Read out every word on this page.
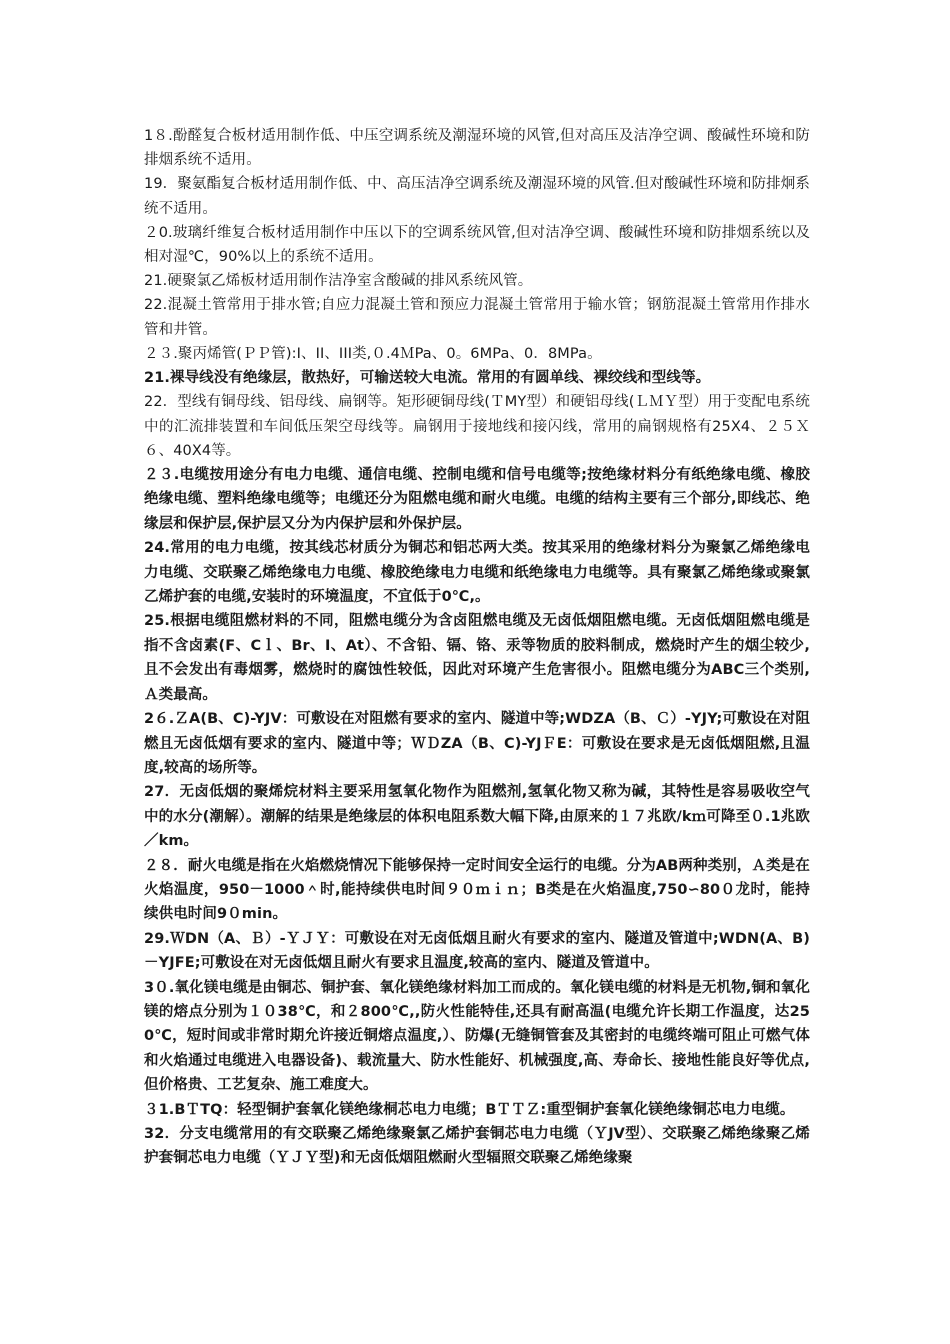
1８.酚醛复合板材适用制作低、中压空调系统及潮湿环境的风管,但对高压及洁净空调、酸碱性环境和防排烟系统不适用。

19．聚氨酯复合板材适用制作低、中、高压洁净空调系统及潮湿环境的风管.但对酸碱性环境和防排炯系统不适用。

２0.玻璃纤维复合板材适用制作中压以下的空调系统风管,但对洁净空调、酸碱性环境和防排烟系统以及相对湿℃，90%以上的系统不适用。

21.硬聚氯乙烯板材适用制作洁净室含酸碱的排风系统风管。

22.混凝土管常用于排水管;自应力混凝土管和预应力混凝土管常用于输水管；钢筋混凝土管常用作排水管和井管。

２３.聚丙烯管(ＰＰ管):I、II、III类,０.4ＭPa、0。6MPa、0．8MPa。

21.裸导线没有绝缘层，散热好，可输送较大电流。常用的有圆单线、裸绞线和型线等。

22．型线有铜母线、铝母线、扁钢等。矩形硬铜母线(ＴMY型）和硬铝母线(ＬＭＹ型）用于变配电系统中的汇流排装置和车间低压架空母线等。扁钢用于接地线和接闪线，常用的扁钢规格有25X4、２５Ｘ６、40X4等。

２３.电缆按用途分有电力电缆、通信电缆、控制电缆和信号电缆等;按绝缘材料分有纸绝缘电缆、橡胶绝缘电缆、塑料绝缘电缆等；电缆还分为阻燃电缆和耐火电缆。电缆的结构主要有三个部分,即线芯、绝缘层和保护层,保护层又分为内保护层和外保护层。

24.常用的电力电缆，按其线芯材质分为铜芯和铝芯两大类。按其采用的绝缘材料分为聚氯乙烯绝缘电力电缆、交联聚乙烯绝缘电力电缆、橡胶绝缘电力电缆和纸绝缘电力电缆等。具有聚氯乙烯绝缘或聚氯乙烯护套的电缆,安装时的环境温度，不宜低于0℃,。

25.根据电缆阻燃材料的不同，阻燃电缆分为含卤阻燃电缆及无卤低烟阻燃电缆。无卤低烟阻燃电缆是指不含卤素(F、Cｌ、Br、I、At）、不含铅、镉、铬、汞等物质的胶料制成，燃烧时产生的烟尘较少,且不会发出有毒烟雾，燃烧时的腐蚀性较低，因此对环境产生危害很小。阻燃电缆分为ABC三个类别,Ａ类最高。

2６.ＺA(B、C)-YJⅤ：可敷设在对阻燃有要求的室内、隧道中等;WDZA（B、Ｃ）-YJY;可敷设在对阻燃且无卤低烟有要求的室内、隧道中等；ＷＤZA（B、C)-YJＦE：可敷设在要求是无卤低烟阻燃,且温度,较高的场所等。

27．无卤低烟的聚烯烷材料主要采用氢氧化物作为阻燃剂,氢氧化物又称为碱，其特性是容易吸收空气中的水分(潮解）。潮解的结果是绝缘层的体积电阻系数大幅下降,由原来的１７兆欧/kｍ可降至０.1兆欧／km。

２８．耐火电缆是指在火焰燃烧情况下能够保持一定时间安全运行的电缆。分为AB两种类别，Ａ类是在火焰温度，950－1000＾时,能持续供电时间９０ｍｉｎ；B类是在火焰温度,750∽80０龙时，能持续供电时间9０min。

29.ＷDN（A、Ｂ）-ＹＪＹ：可敷设在对无卤低烟且耐火有要求的室内、隧道及管道中;WDN(A、B)－YJFE;可敷设在对无卤低烟且耐火有要求且温度,较高的室内、隧道及管道中。

3０.氧化镁电缆是由铜芯、铜护套、氧化镁绝缘材料加工而成的。氧化镁电缆的材料是无机物,铜和氧化镁的熔点分别为１０38℃，和２800℃,,防火性能特佳,还具有耐高温(电缆允许长期工作温度，达250℃，短时间或非常时期允许接近铜熔点温度,）、防爆(无缝铜管套及其密封的电缆终端可阻止可燃气体和火焰通过电缆进入电器设备)、载流量大、防水性能好、机械强度,高、寿命长、接地性能良好等优点,但价格贵、工艺复杂、施工难度大。

３1.BＴTQ：轻型铜护套氧化镁绝缘桐芯电力电缆；BＴＴＺ:重型铜护套氧化镁绝缘铜芯电力电缆。

32．分支电缆常用的有交联聚乙烯绝缘聚氯乙烯护套铜芯电力电缆（ＹJV型）、交联聚乙烯绝缘聚乙烯护套铜芯电力电缆（ＹＪＹ型)和无卤低烟阻燃耐火型辐照交联聚乙烯绝缘聚
